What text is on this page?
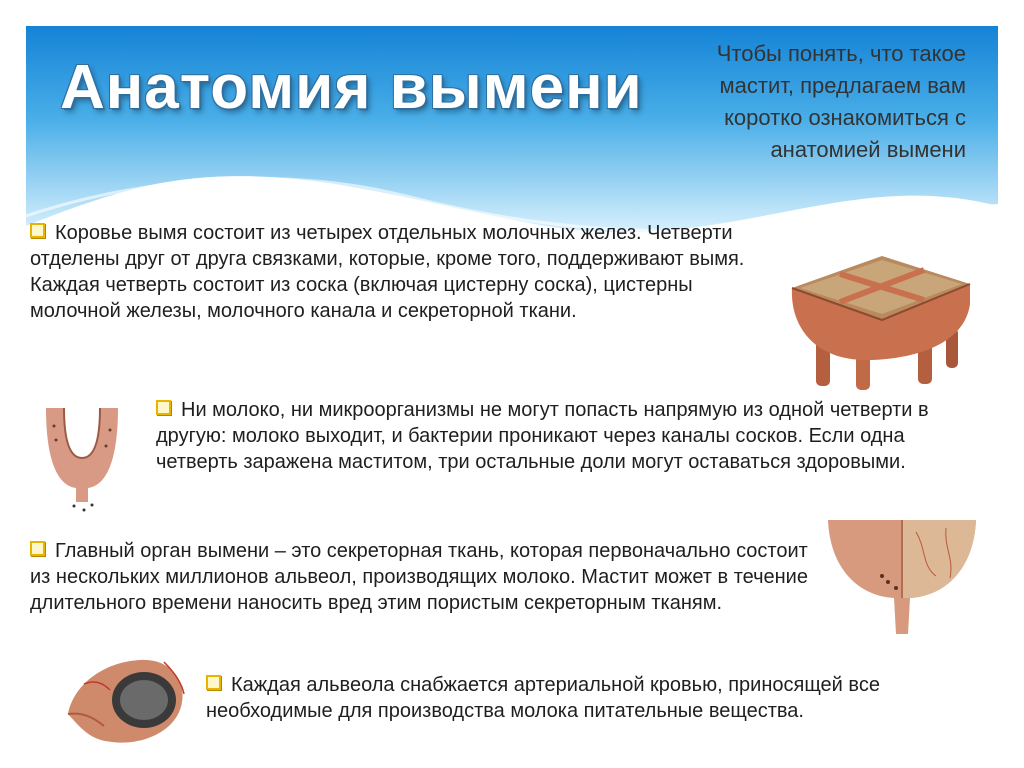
Анатомия вымени	Чтобы понять, что такое мастит, предлагаем вам коротко ознакомиться с анатомией вымени

Коровье вымя состоит из четырех отдельных молочных желез. Четверти отделены друг от друга связками, которые, кроме того, поддерживают вымя. Каждая четверть состоит из соска (включая цистерну соска), цистерны молочной железы, молочного канала и секреторной ткани.

Ни молоко, ни микроорганизмы не могут попасть напрямую из одной четверти в другую: молоко выходит, и бактерии проникают через каналы сосков. Если одна четверть заражена маститом, три остальные доли могут оставаться здоровыми.

Главный орган вымени – это секреторная ткань, которая первоначально состоит из нескольких миллионов альвеол, производящих молоко. Мастит может в течение длительного времени наносить вред этим пористым секреторным тканям.

Каждая альвеола снабжается артериальной кровью, приносящей все необходимые для производства молока питательные вещества.
